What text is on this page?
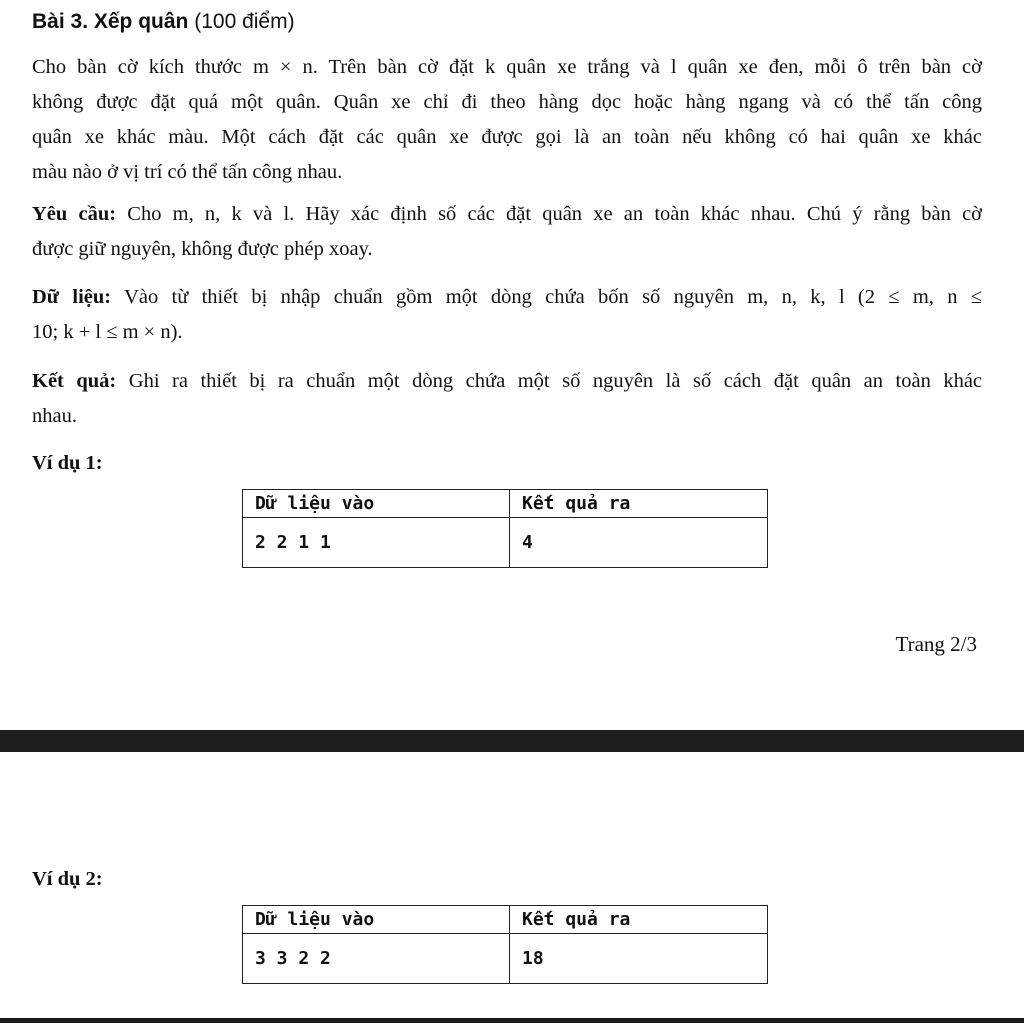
Bài 3. Xếp quân (100 điểm)
Cho bàn cờ kích thước m × n. Trên bàn cờ đặt k quân xe trắng và l quân xe đen, mỗi ô trên bàn cờ
không được đặt quá một quân. Quân xe chỉ đi theo hàng dọc hoặc hàng ngang và có thể tấn công
quân xe khác màu. Một cách đặt các quân xe được gọi là an toàn nếu không có hai quân xe khác
màu nào ở vị trí có thể tấn công nhau.
Yêu cầu: Cho m, n, k và l. Hãy xác định số các đặt quân xe an toàn khác nhau. Chú ý rằng bàn cờ
được giữ nguyên, không được phép xoay.
Dữ liệu: Vào từ thiết bị nhập chuẩn gồm một dòng chứa bốn số nguyên m, n, k, l (2 ≤ m, n ≤
10; k + l ≤ m × n).
Kết quả: Ghi ra thiết bị ra chuẩn một dòng chứa một số nguyên là số cách đặt quân an toàn khác
nhau.
Ví dụ 1:
Dữ liệu vào	Kết quả ra
2 2 1 1	4
Trang 2/3
Ví dụ 2:
Dữ liệu vào	Kết quả ra
3 3 2 2	18
